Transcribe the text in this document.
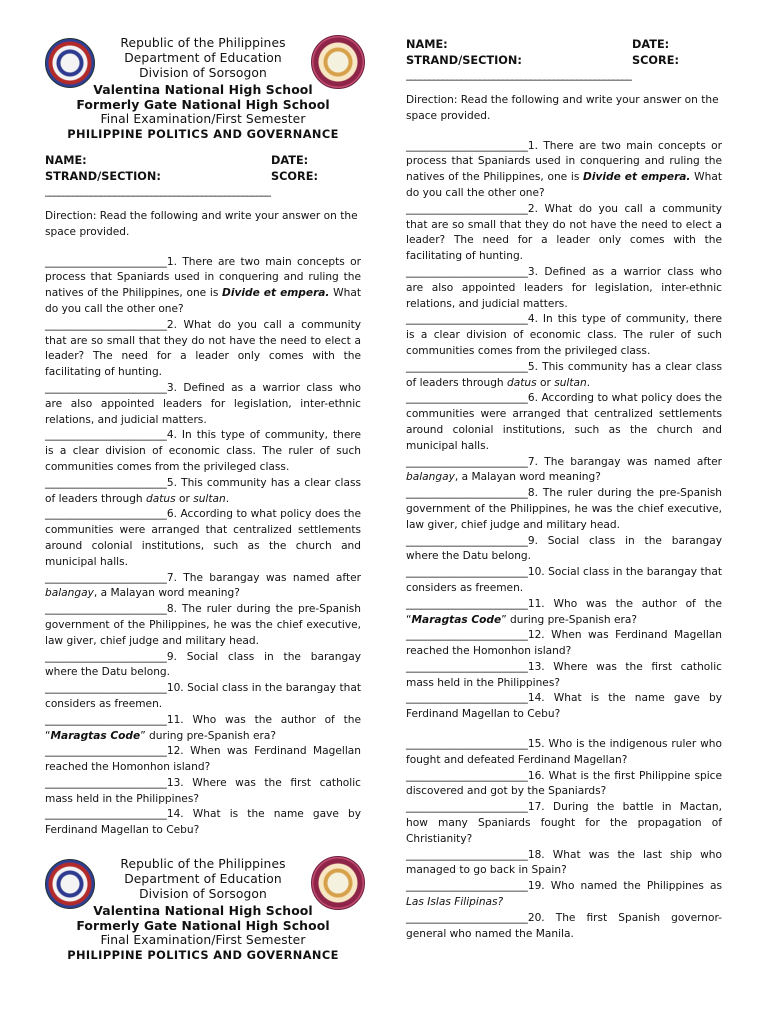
Republic of the Philippines
Department of Education
Division of Sorsogon
Valentina National High School
Formerly Gate National High School
Final Examination/First Semester
PHILIPPINE POLITICS AND GOVERNANCE
NAME:	DATE:
STRAND/SECTION:	SCORE:
_________________________________________________
Direction: Read the following and write your answer on the space provided.

_______________________1. There are two main concepts or process that Spaniards used in conquering and ruling the natives of the Philippines, one is Divide et empera. What do you call the other one?

_______________________2. What do you call a community that are so small that they do not have the need to elect a leader? The need for a leader only comes with the facilitating of hunting.

_______________________3. Defined as a warrior class who are also appointed leaders for legislation, inter-ethnic relations, and judicial matters.

_______________________4. In this type of community, there is a clear division of economic class. The ruler of such communities comes from the privileged class.

_______________________5. This community has a clear class of leaders through datus or sultan.

_______________________6. According to what policy does the communities were arranged that centralized settlements around colonial institutions, such as the church and municipal halls.

_______________________7. The barangay was named after balangay, a Malayan word meaning?

_______________________8. The ruler during the pre-Spanish government of the Philippines, he was the chief executive, law giver, chief judge and military head.

_______________________9. Social class in the barangay where the Datu belong.

_______________________10. Social class in the barangay that considers as freemen.

_______________________11. Who was the author of the “Maragtas Code” during pre-Spanish era?

_______________________12. When was Ferdinand Magellan reached the Homonhon island?

_______________________13. Where was the first catholic mass held in the Philippines?

_______________________14. What is the name gave by Ferdinand Magellan to Cebu?

NAME:	DATE:
STRAND/SECTION:	SCORE:
_________________________________________________
Direction: Read the following and write your answer on the space provided.

_______________________1. There are two main concepts or process that Spaniards used in conquering and ruling the natives of the Philippines, one is Divide et empera. What do you call the other one?

_______________________2. What do you call a community that are so small that they do not have the need to elect a leader? The need for a leader only comes with the facilitating of hunting.

_______________________3. Defined as a warrior class who are also appointed leaders for legislation, inter-ethnic relations, and judicial matters.

_______________________4. In this type of community, there is a clear division of economic class. The ruler of such communities comes from the privileged class.

_______________________5. This community has a clear class of leaders through datus or sultan.

_______________________6. According to what policy does the communities were arranged that centralized settlements around colonial institutions, such as the church and municipal halls.

_______________________7. The barangay was named after balangay, a Malayan word meaning?

_______________________8. The ruler during the pre-Spanish government of the Philippines, he was the chief executive, law giver, chief judge and military head.

_______________________9. Social class in the barangay where the Datu belong.

_______________________10. Social class in the barangay that considers as freemen.

_______________________11. Who was the author of the “Maragtas Code” during pre-Spanish era?

_______________________12. When was Ferdinand Magellan reached the Homonhon island?

_______________________13. Where was the first catholic mass held in the Philippines?

_______________________14. What is the name gave by Ferdinand Magellan to Cebu?

_______________________15. Who is the indigenous ruler who fought and defeated Ferdinand Magellan?

_______________________16. What is the first Philippine spice discovered and got by the Spaniards?

_______________________17. During the battle in Mactan, how many Spaniards fought for the propagation of Christianity?

_______________________18. What was the last ship who managed to go back in Spain?

_______________________19. Who named the Philippines as Las Islas Filipinas?

_______________________20. The first Spanish governor-general who named the Manila.

Republic of the Philippines
Department of Education
Division of Sorsogon
Valentina National High School
Formerly Gate National High School
Final Examination/First Semester
PHILIPPINE POLITICS AND GOVERNANCE
